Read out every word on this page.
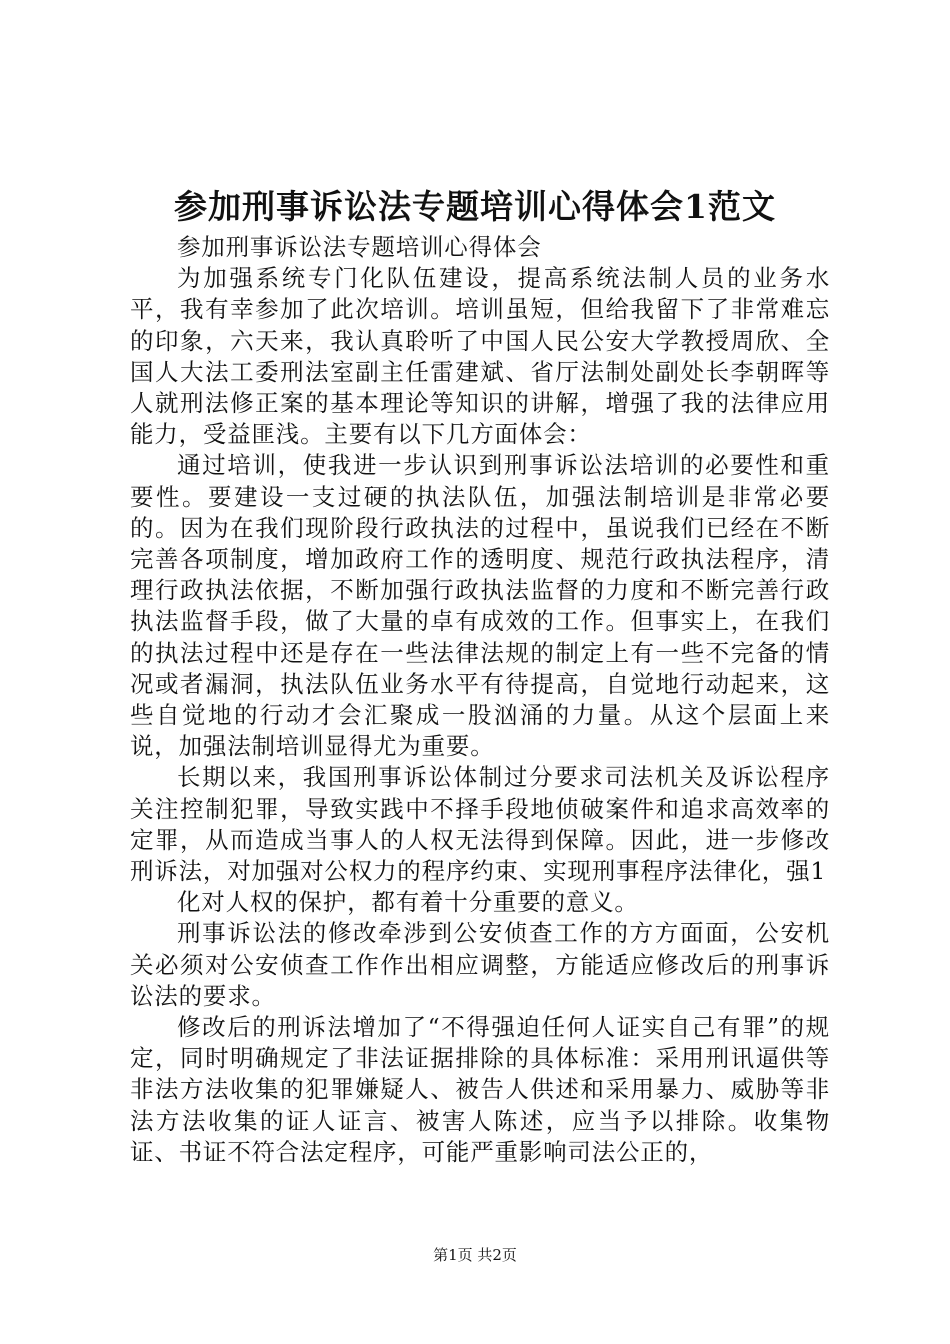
参加刑事诉讼法专题培训心得体会1范文

参加刑事诉讼法专题培训心得体会

为加强系统专门化队伍建设，提高系统法制人员的业务水平，我有幸参加了此次培训。培训虽短，但给我留下了非常难忘的印象，六天来，我认真聆听了中国人民公安大学教授周欣、全国人大法工委刑法室副主任雷建斌、省厅法制处副处长李朝晖等人就刑法修正案的基本理论等知识的讲解，增强了我的法律应用能力，受益匪浅。主要有以下几方面体会：

通过培训，使我进一步认识到刑事诉讼法培训的必要性和重要性。要建设一支过硬的执法队伍，加强法制培训是非常必要的。因为在我们现阶段行政执法的过程中，虽说我们已经在不断完善各项制度，增加政府工作的透明度、规范行政执法程序，清理行政执法依据，不断加强行政执法监督的力度和不断完善行政执法监督手段，做了大量的卓有成效的工作。但事实上，在我们的执法过程中还是存在一些法律法规的制定上有一些不完备的情况或者漏洞，执法队伍业务水平有待提高，自觉地行动起来，这些自觉地的行动才会汇聚成一股汹涌的力量。从这个层面上来说，加强法制培训显得尤为重要。

长期以来，我国刑事诉讼体制过分要求司法机关及诉讼程序关注控制犯罪，导致实践中不择手段地侦破案件和追求高效率的定罪，从而造成当事人的人权无法得到保障。因此，进一步修改刑诉法，对加强对公权力的程序约束、实现刑事程序法律化，强1

化对人权的保护，都有着十分重要的意义。

刑事诉讼法的修改牵涉到公安侦查工作的方方面面，公安机关必须对公安侦查工作作出相应调整，方能适应修改后的刑事诉讼法的要求。

修改后的刑诉法增加了“不得强迫任何人证实自己有罪”的规定，同时明确规定了非法证据排除的具体标准：采用刑讯逼供等非法方法收集的犯罪嫌疑人、被告人供述和采用暴力、威胁等非法方法收集的证人证言、被害人陈述，应当予以排除。收集物证、书证不符合法定程序，可能严重影响司法公正的，

第1页 共2页
